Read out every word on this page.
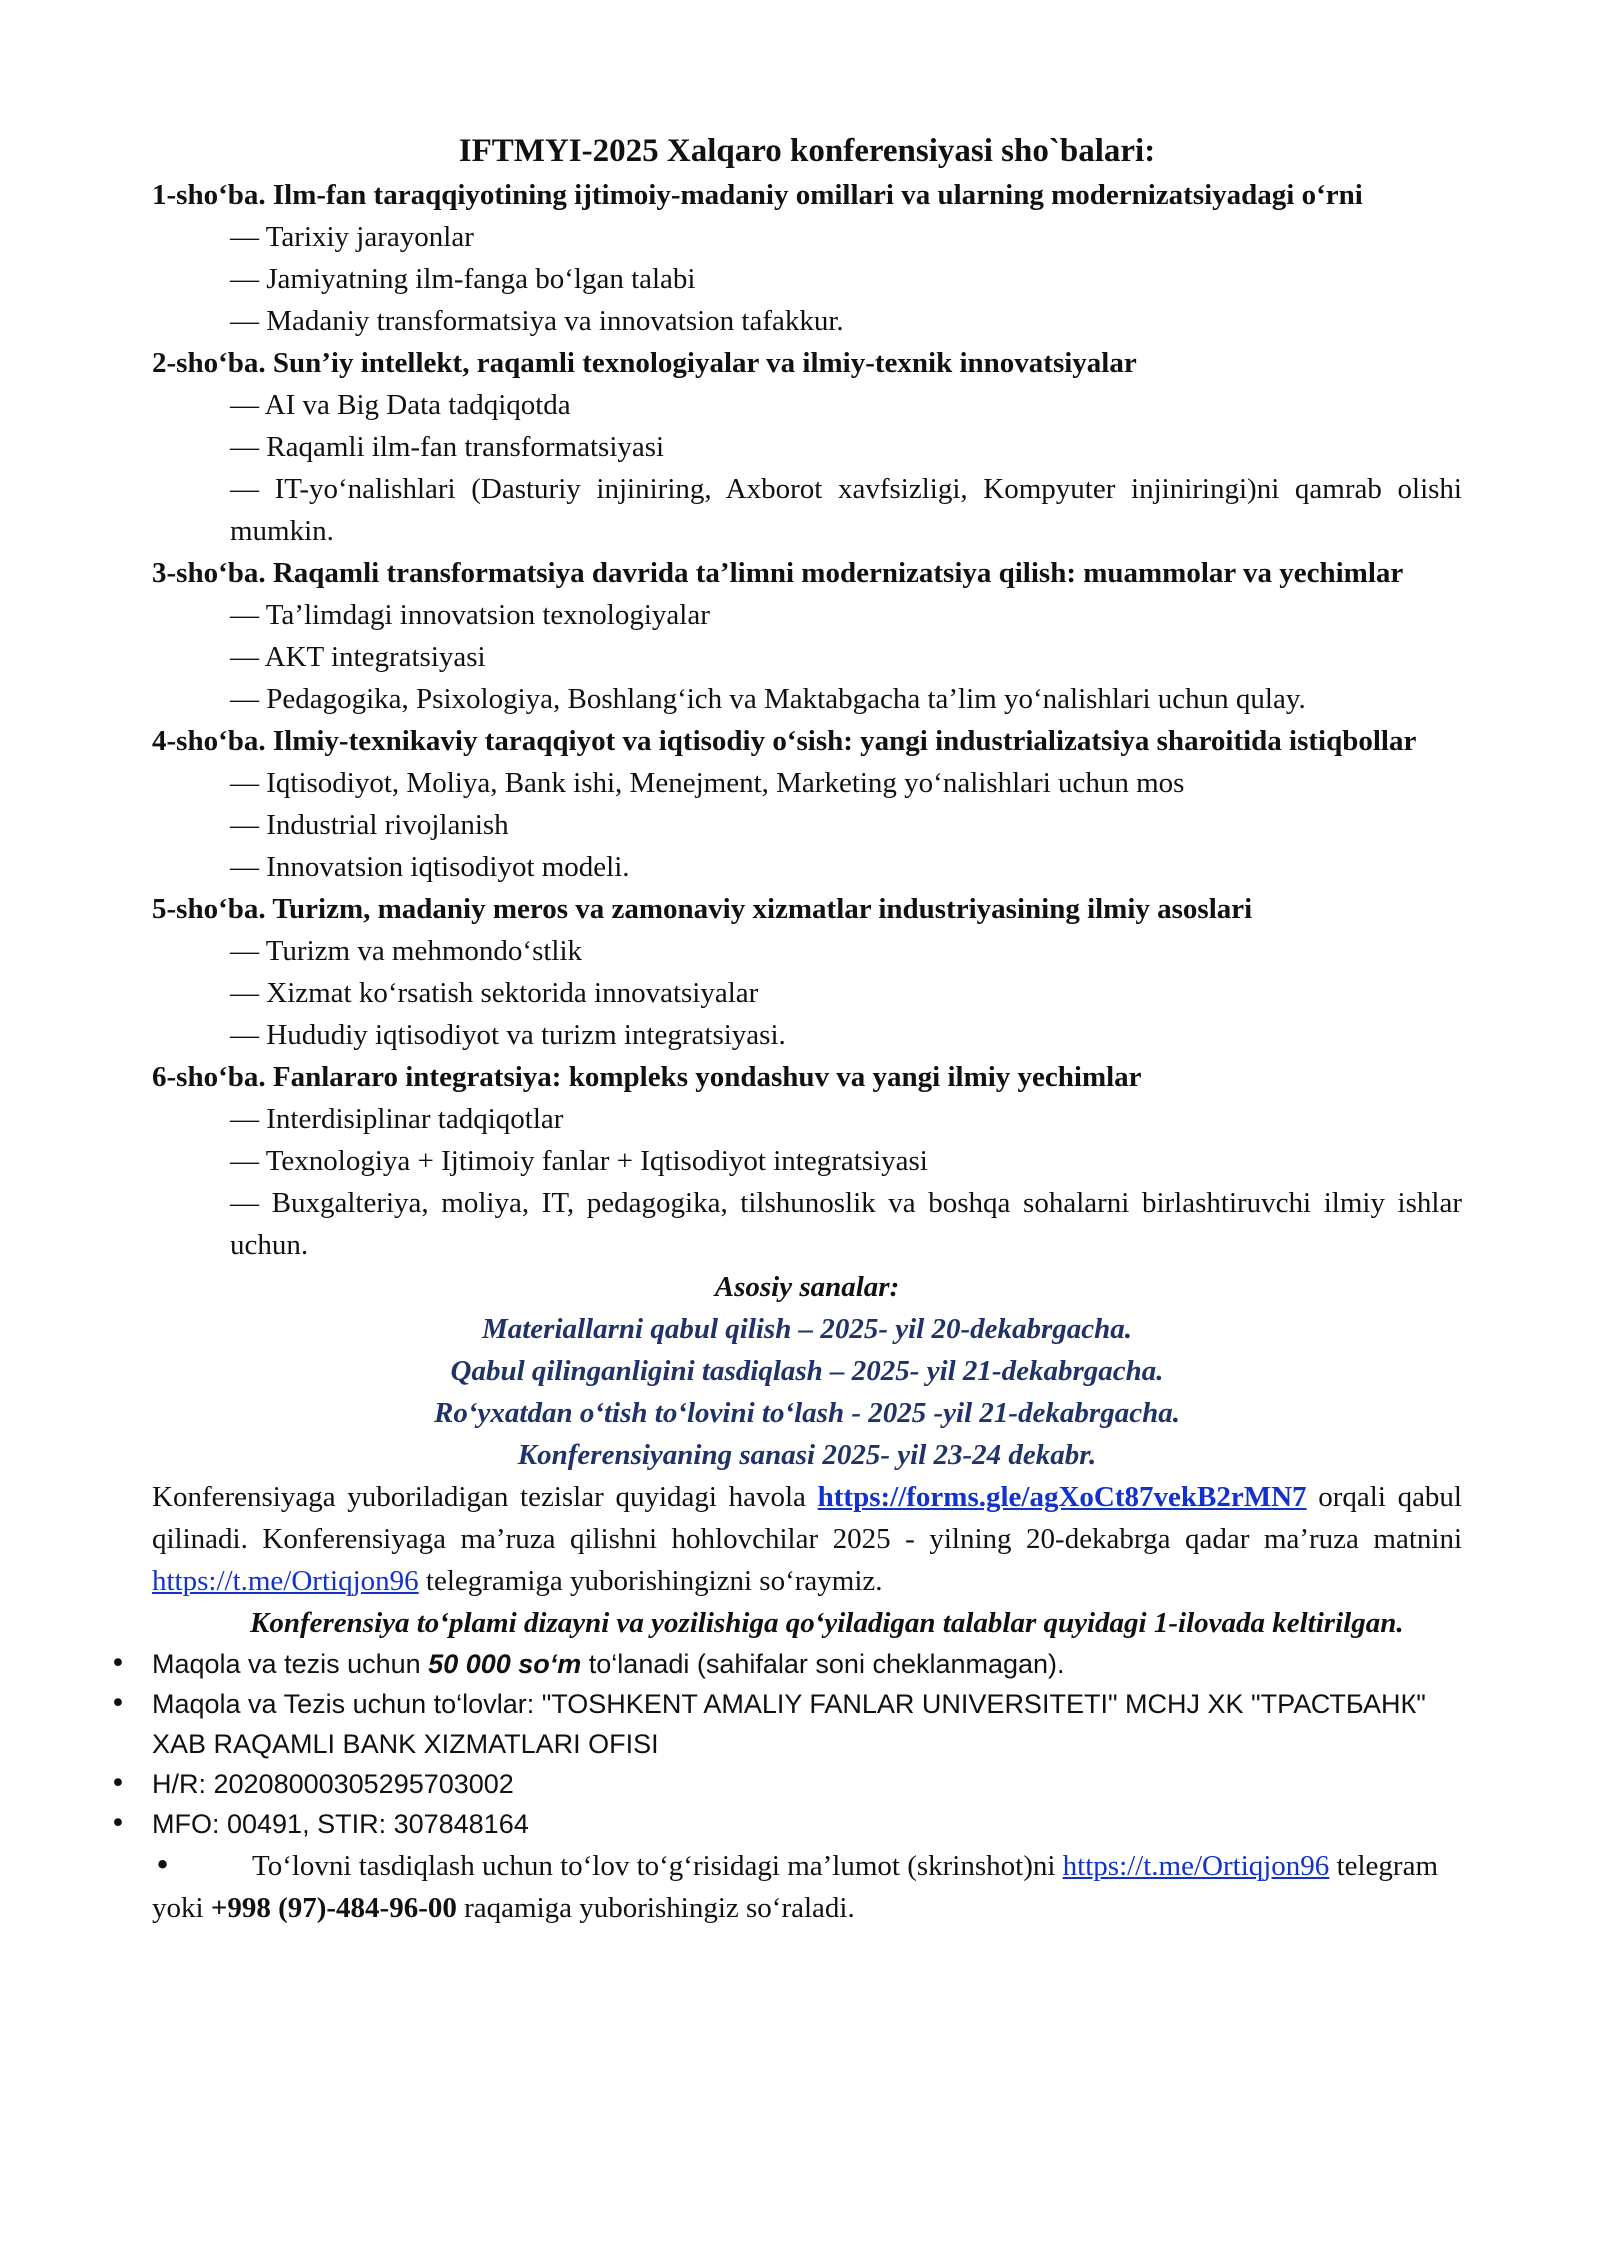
IFTMYI-2025 Xalqaro konferensiyasi sho`balari:

1-sho‘ba. Ilm-fan taraqqiyotining ijtimoiy-madaniy omillari va ularning modernizatsiyadagi o‘rni

— Tarixiy jarayonlar

— Jamiyatning ilm-fanga bo‘lgan talabi

— Madaniy transformatsiya va innovatsion tafakkur.

2-sho‘ba. Sun’iy intellekt, raqamli texnologiyalar va ilmiy-texnik innovatsiyalar

— AI va Big Data tadqiqotda

— Raqamli ilm-fan transformatsiyasi

— IT-yo‘nalishlari (Dasturiy injiniring, Axborot xavfsizligi, Kompyuter injiniringi)ni qamrab olishi mumkin.

3-sho‘ba. Raqamli transformatsiya davrida ta’limni modernizatsiya qilish: muammolar va yechimlar

— Ta’limdagi innovatsion texnologiyalar

— AKT integratsiyasi

— Pedagogika, Psixologiya, Boshlang‘ich va Maktabgacha ta’lim yo‘nalishlari uchun qulay.

4-sho‘ba. Ilmiy-texnikaviy taraqqiyot va iqtisodiy o‘sish: yangi industrializatsiya sharoitida istiqbollar

— Iqtisodiyot, Moliya, Bank ishi, Menejment, Marketing yo‘nalishlari uchun mos

— Industrial rivojlanish

— Innovatsion iqtisodiyot modeli.

5-sho‘ba. Turizm, madaniy meros va zamonaviy xizmatlar industriyasining ilmiy asoslari

— Turizm va mehmondo‘stlik

— Xizmat ko‘rsatish sektorida innovatsiyalar

— Hududiy iqtisodiyot va turizm integratsiyasi.

6-sho‘ba. Fanlararo integratsiya: kompleks yondashuv va yangi ilmiy yechimlar

— Interdisiplinar tadqiqotlar

— Texnologiya + Ijtimoiy fanlar + Iqtisodiyot integratsiyasi

— Buxgalteriya, moliya, IT, pedagogika, tilshunoslik va boshqa sohalarni birlashtiruvchi ilmiy ishlar uchun.

Asosiy sanalar:

Materiallarni qabul qilish – 2025- yil 20-dekabrgacha.

Qabul qilinganligini tasdiqlash – 2025- yil 21-dekabrgacha.

Ro‘yxatdan o‘tish to‘lovini to‘lash - 2025 -yil 21-dekabrgacha.

Konferensiyaning sanasi 2025- yil 23-24 dekabr.

Konferensiyaga yuboriladigan tezislar quyidagi havola https://forms.gle/agXoCt87vekB2rMN7 orqali qabul qilinadi. Konferensiyaga ma’ruza qilishni hohlovchilar 2025 - yilning 20-dekabrga qadar ma’ruza matnini https://t.me/Ortiqjon96 telegramiga yuborishingizni so‘raymiz.

Konferensiya to‘plami dizayni va yozilishiga qo‘yiladigan talablar quyidagi 1-ilovada keltirilgan.

• Maqola va tezis uchun 50 000 so‘m to‘lanadi (sahifalar soni cheklanmagan).
• Maqola va Tezis uchun to‘lovlar: "TOSHKENT AMALIY FANLAR UNIVERSITETI" MCHJ XK "ТРАСТБАНК" ХАВ RAQAMLI BANK XIZMATLARI OFISI
• H/R: 20208000305295703002
• MFO: 00491, STIR: 307848164

•	To‘lovni tasdiqlash uchun to‘lov to‘g‘risidagi ma’lumot (skrinshot)ni https://t.me/Ortiqjon96 telegram yoki +998 (97)-484-96-00 raqamiga yuborishingiz so‘raladi.
